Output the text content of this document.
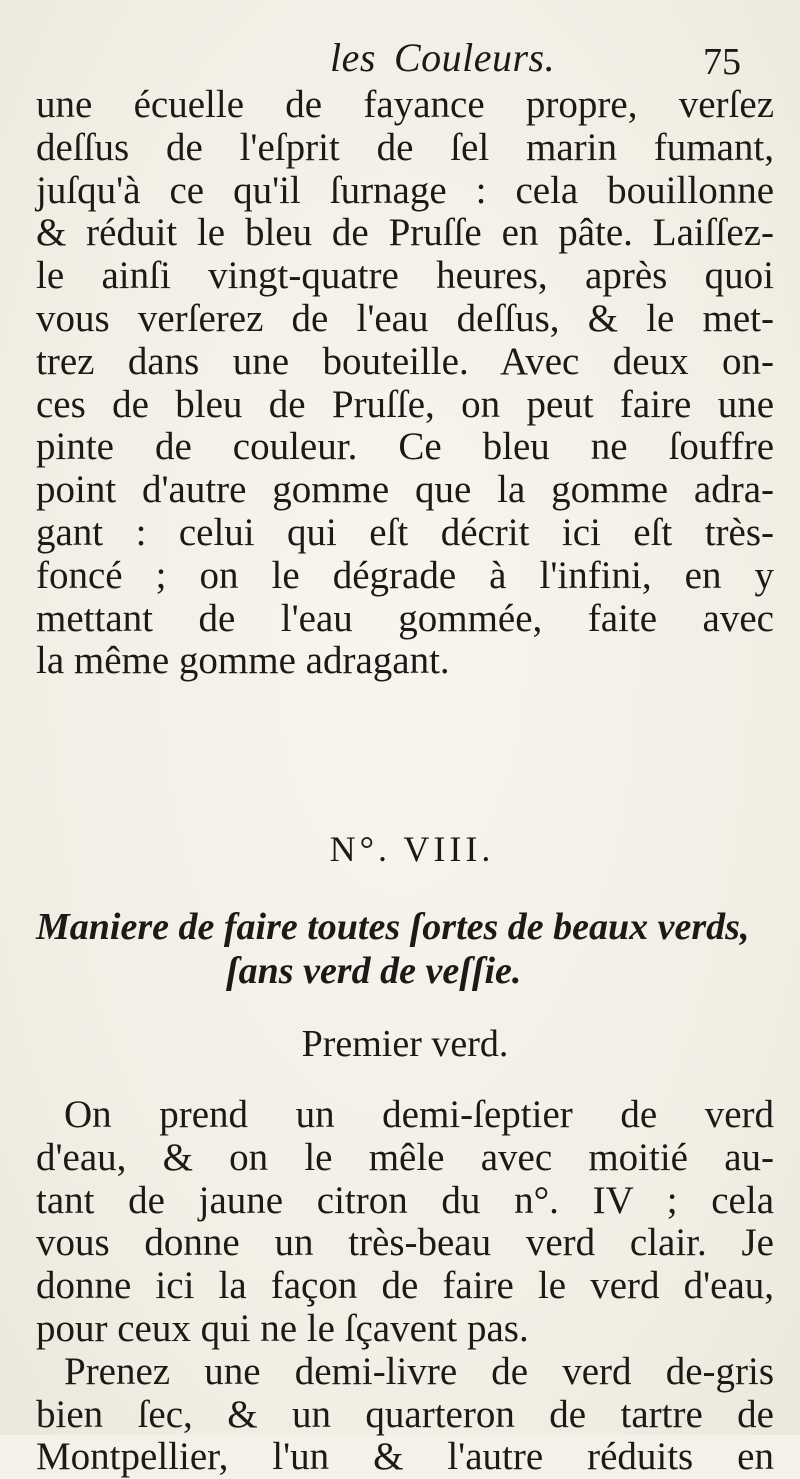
les Couleurs.	75
une écuelle de fayance propre, verſez
deſſus de l'eſprit de ſel marin fumant,
juſqu'à ce qu'il ſurnage : cela bouillonne
& réduit le bleu de Pruſſe en pâte. Laiſſez-
le ainſi vingt-quatre heures, après quoi
vous verſerez de l'eau deſſus, & le met-
trez dans une bouteille. Avec deux on-
ces de bleu de Pruſſe, on peut faire une
pinte de couleur. Ce bleu ne ſouffre
point d'autre gomme que la gomme adra-
gant : celui qui eſt décrit ici eſt très-
foncé ; on le dégrade à l'infini, en y
mettant de l'eau gommée, faite avec
la même gomme adragant.
N°. VIII.
Maniere de faire toutes ſortes de beaux verds,
ſans verd de veſſie.
Premier verd.
On prend un demi-ſeptier de verd
d'eau, & on le mêle avec moitié au-
tant de jaune citron du n°. IV ; cela
vous donne un très-beau verd clair. Je
donne ici la façon de faire le verd d'eau,
pour ceux qui ne le ſçavent pas.
Prenez une demi-livre de verd de-gris
bien ſec, & un quarteron de tartre de
Montpellier, l'un & l'autre réduits en
